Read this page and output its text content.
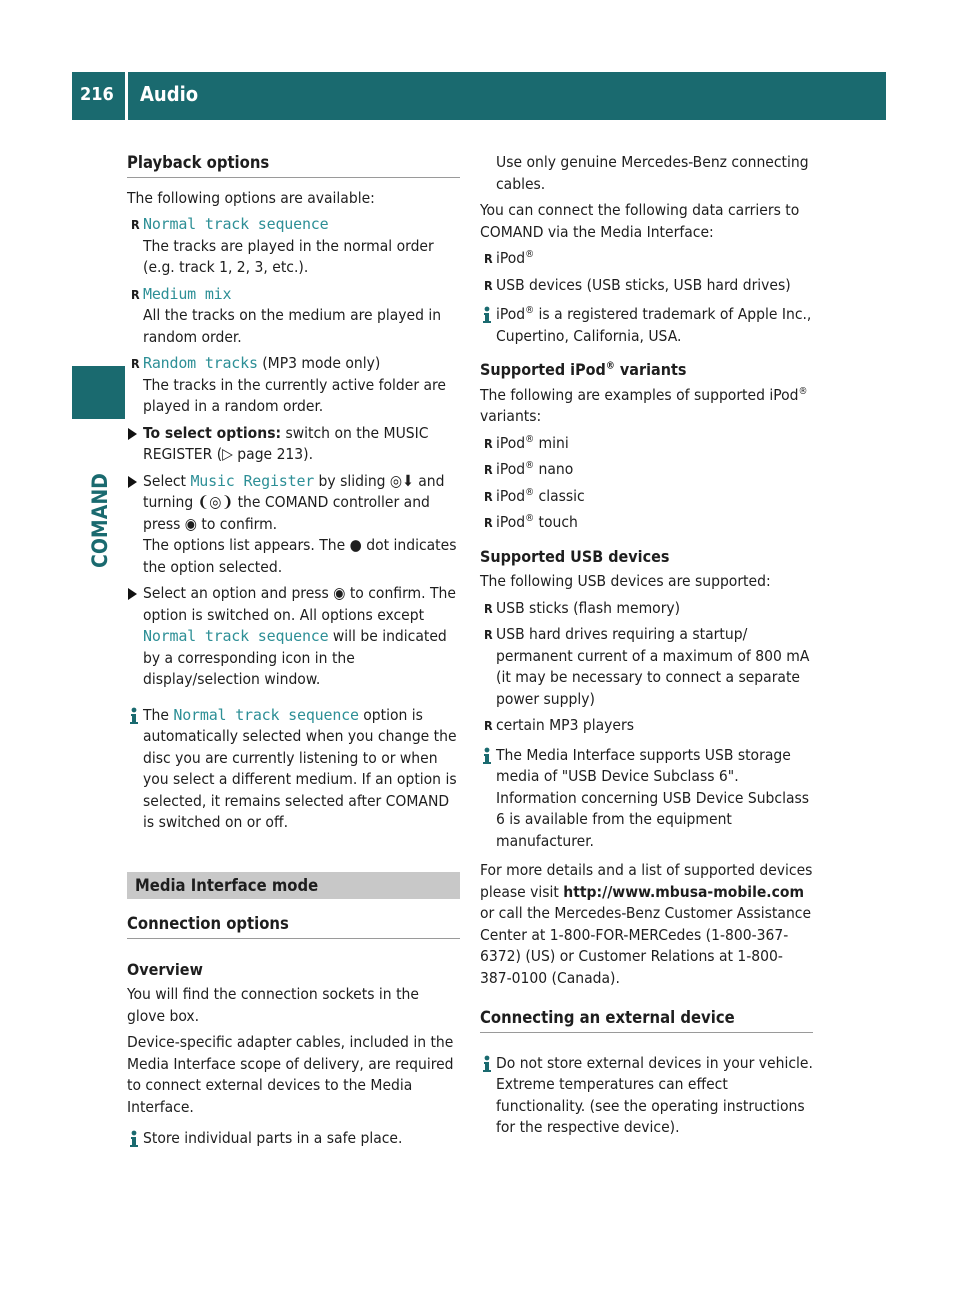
216 Audio
COMAND
Playback options

The following options are available:

R Normal track sequence
The tracks are played in the normal order (e.g. track 1, 2, 3, etc.).
R Medium mix
All the tracks on the medium are played in random order.
R Random tracks (MP3 mode only)
The tracks in the currently active folder are played in a random order.
To select options: switch on the MUSIC REGISTER (▷ page 213).
Select Music Register by sliding ◎⬇ and turning ❨◎❩ the COMAND controller and press ◉ to confirm.
The options list appears. The ● dot indicates the option selected.
Select an option and press ◉ to confirm. The option is switched on. All options except Normal track sequence will be indicated by a corresponding icon in the display/selection window.
The Normal track sequence option is automatically selected when you change the disc you are currently listening to or when you select a different medium. If an option is selected, it remains selected after COMAND is switched on or off.
Media Interface mode
Connection options
Overview

You will find the connection sockets in the glove box.

Device-specific adapter cables, included in the Media Interface scope of delivery, are required to connect external devices to the Media Interface.

Store individual parts in a safe place.

Use only genuine Mercedes-Benz connecting cables.

You can connect the following data carriers to COMAND via the Media Interface:

R iPod®
R USB devices (USB sticks, USB hard drives)
iPod® is a registered trademark of Apple Inc., Cupertino, California, USA.
Supported iPod® variants

The following are examples of supported iPod® variants:

R iPod® mini
R iPod® nano
R iPod® classic
R iPod® touch
Supported USB devices

The following USB devices are supported:

R USB sticks (flash memory)
R USB hard drives requiring a startup/ permanent current of a maximum of 800 mA (it may be necessary to connect a separate power supply)
R certain MP3 players
The Media Interface supports USB storage media of "USB Device Subclass 6". Information concerning USB Device Subclass 6 is available from the equipment manufacturer.

For more details and a list of supported devices please visit http://www.mbusa-mobile.com or call the Mercedes-Benz Customer Assistance Center at 1-800-FOR-MERCedes (1-800-367-6372) (US) or Customer Relations at 1-800-387-0100 (Canada).

Connecting an external device
Do not store external devices in your vehicle. Extreme temperatures can effect functionality. (see the operating instructions for the respective device).
